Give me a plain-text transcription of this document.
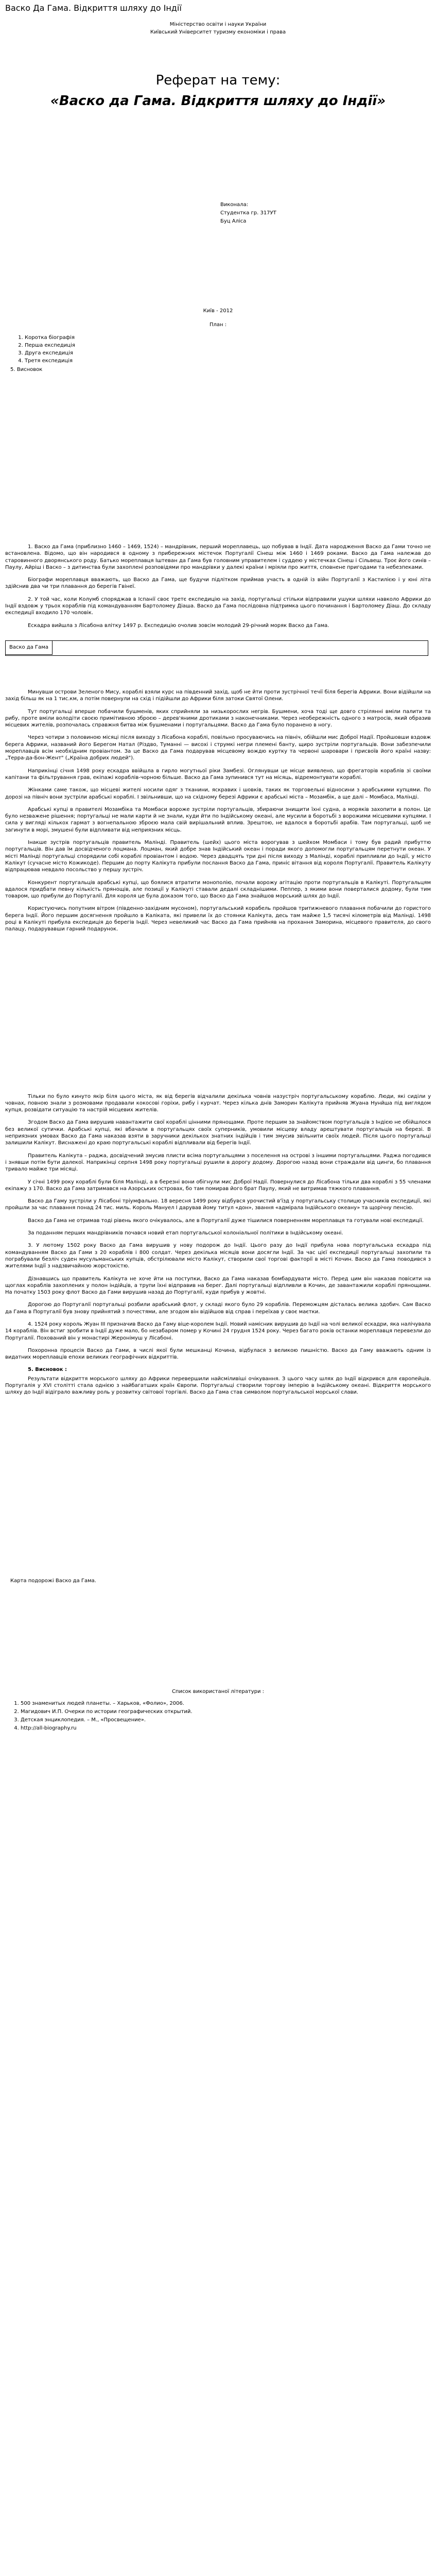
Васко Да Гама. Відкриття шляху до Індії

Міністерство освіти і науки України

Київський Університет туризму економіки і права

Реферат на тему:
«Васко да Гама. Відкриття шляху до Індії»

Виконала:

Студентка гр. 317УТ

Буц Аліса

Київ - 2012

План :

1. Коротка біографія
2. Перша експедиція
3. Друга експедиція
4. Третя експедиція
5. Висновок

1. Васко да Гама (приблизно 1460 – 1469, 1524) – мандрівник, перший мореплавець, що побував в Індії. Дата народження Васко да Гами точно не встановлена. Відомо, що він народився в одному з прибережних містечок Португалії Сінеш між 1460 і 1469 роками. Васко да Гама належав до старовинного дворянського роду. Батько мореплавця Іштеван да Гама був головним управителем і суддею у містечках Сінеш і Сільвеш. Троє його синів – Паулу, Айріш і Васко – з дитинства були захоплені розповідями про мандрівки у далекі країни і мріяли про життя, сповнене пригодами та небезпеками.

Біографи мореплавця вважають, що Васко да Гама, ще будучи підлітком приймав участь в одній із війн Португалії з Кастилією і у юні літа здійснив два чи три плавання до берегів Гвінеї.

2. У той час, коли Колумб споряджав в Іспанії своє третє експедицію на захід, португальці стільки відправили ушуки шляхи навколо Африки до Індії вздовж у трьох кораблів під командуванням Бартоломеу Діаша. Васко да Гама послідовна підтримка цього починання і Бартоломеу Діаш. До складу експедиції входило 170 чоловік.

Ескадра вийшла з Лісабона влітку 1497 р. Експедицію очолив зовсім молодий 29-річний моряк Васко да Гама.

Васко да Гама

Минувши острови Зеленого Мису, кораблі взяли курс на південний захід, щоб не йти проти зустрічної течії біля берегів Африки. Вони відійшли на захід більш як на 1 тис.км, а потім повернули на схід і підійшли до Африки біля затоки Святої Олени.

Тут португальці вперше побачили бушменів, яких сприйняли за низькорослих негрів. Бушмени, хоча тоді ще довго стрілянні вміли палити та рибу, проте вміли володіти своєю примітивною зброєю – дерев'яними дротиками з наконечниками. Через необережність одного з матросів, який образив місцевих жителів, розпочалась справжня битва між бушменами і португальцями. Васко да Гама було поранено в ногу.

Через чотири з половиною місяці після виходу з Лісабона кораблі, повільно просуваючись на північ, обійшли мис Доброї Надії. Пройшовши вздовж берега Африки, названий його Берегом Натал (Різдво, Туманні — висохі і струмкі негри племені банту, щиро зустріли португальців. Вони забезпечили мореплавців всім необхідним провіантом. За це Васко да Гама подарував місцевому вождю куртку та червоні шаровари і присвоїв його країні назву: „Терра-да-Бон-Жент" („Країна добрих людей").

Наприкінці січня 1498 року ескадра ввійшла в гирло могутньої ріки Замбезі. Оглянувши це місце виявлено, що фрегаторів кораблів зі своїми капітани та фільтрування грав, екіпажі кораблів-чорною більше. Васко да Гама зупинився тут на місяць, відремонтувати кораблі.

Жінками саме також, що місцеві жителі носили одяг з тканини, яскравих і шовків, таких як торговельні відносини з арабськими купцями. По дорозі на північ вони зустріли арабські кораблі. І звільнивши, що на східному березі Африки є арабські міста – Мозамбік, а ще далі – Момбаса, Малінді.

Арабські купці в правителі Мозамбіка та Момбаси вороже зустріли португальців, збираючи знищити їхні судна, а моряків захопити в полон. Це було незважене рішення; португальці не мали карти й не знали, куди йти по Індійському океані, але мусили в боротьбі з ворожими місцевими купцями. І сила у вигляді кількох гармат з вогнепальною зброєю мала свій вирішальний вплив. Зрештою, не вдалося в боротьбі арабів. Там португальці, щоб не загинути в морі, змушені були відпливати від неприязних місць.

Інакше зустрів португальців правитель Малінді. Правитель (шейх) цього міста ворогував з шейхом Момбаси і тому був радий прибуттю португальців. Він дав їм досвідченого лоцмана. Лоцман, який добре знав Індійський океан і поради якого допомогли португальцям перетнути океан. У місті Малінді португальці спорядили собі кораблі провіантом і водою. Через двадцять три дні після виходу з Малінді, кораблі припливли до Індії, у місто Калікут (сучасне місто Кожикоде). Першим до порту Калікута прибули послання Васко да Гама, приніс вітання від короля Португалії. Правитель Калікуту відпрацював невдало посольство у першу зустріч.

Конкурент португальців арабські купці, що боялися втратити монополію, почали ворожу агітацію проти португальців в Калікуті. Португальцям вдалося придбати певну кількість прянощів, але позиції у Калікуті ставали дедалі складнішими. Пеппер, з якими вони поверталися додому, були тим товаром, що прибули до Португалії. Для короля це була доказом того, що Васко да Гама знайшов морський шлях до Індії.

Користуючись попутним вітром (південно-західним мусоном), португальський корабель пройшов тритижневого плавання побачили до гористого берега Індії. Його першим досягнення пройшло в Каліката, які привели їх до стоянки Калікута, десь там майже 1,5 тисячі кілометрів від Малінді. 1498 році в Калікуті прибула експедиція до берегів Індії. Через невеликий час Васко да Гама прийняв на прохання Заморина, місцевого правителя, до свого палацу, подарувавши гарний подарунок.

Тільки по було кинуто якір біля цього міста, як від берегів відчалили декілька човнів назустріч португальському кораблю. Люди, які сиділи у човнах, повною знали з розмовами продавали кокосові горіхи, рибу і курчат. Через кілька днів Заморин Калікута прийняв Жуана Нунйша під виглядом купця, розвідати ситуацію та настрій місцевих жителів.

Згодом Васко да Гама вирушив навантажити свої кораблі цінними прянощами. Проте першим за знайомством португальців з Індією не обійшлося без великої сутички. Арабські купці, які вбачали в португальцях своїх суперників, умовили місцеву владу арештувати португальців на березі. В неприязних умовах Васко да Гама наказав взяти в заручники декількох знатних індійців і тим змусив звільнити своїх людей. Після цього португальці залишили Калікут. Виснажені до краю португальські кораблі відпливали від берегів Індії.

Правитель Калікута – раджа, досвідчений змусив плисти всіма португальцями з поселення на острові з іншими португальцями. Раджа погодився і знявши потім бути далекої. Наприкінці серпня 1498 року португальці рушили в дорогу додому. Дорогою назад вони страждали від цинги, бо плавання тривало майже три місяці.

У січні 1499 року кораблі були біля Малінді, а в березні вони обігнули мис Доброї Надії. Повернулися до Лісабона тільки два кораблі з 55 членами екіпажу з 170. Васко да Гама затримався на Азорських островах, бо там помирав його брат Паулу, який не витримав тяжкого плавання.

Васко да Гаму зустріли у Лісабоні тріумфально. 18 вересня 1499 року відбувся урочистий в'їзд у португальську столицю учасників експедиції, які пройшли за час плавання понад 24 тис. миль. Король Мануел І дарував йому титул «дон», звання «адмірала Індійського океану» та щорічну пенсію.

Васко да Гама не отримав тоді рівень якого очікувалось, але в Португалії дуже тішилися поверненням мореплавця та готували нові експедиції.

За поданням перших мандрівників почався новий етап португальської колоніальної політики в Індійському океані.

3. У лютому 1502 року Васко да Гама вирушив у нову подорож до Індії. Цього разу до Індії прибула нова португальська ескадра під командуванням Васко да Гами з 20 кораблів і 800 солдат. Через декілька місяців вони досягли Індії. За час цієї експедиції португальці захопили та пограбували безліч суден мусульманських купців, обстрілювали місто Калікут, створили свої торгові факторії в місті Кочин. Васко да Гама поводився з жителями Індії з надзвичайною жорстокістю.

Дізнавшись що правитель Калікута не хоче йти на поступки, Васко да Гама наказав бомбардувати місто. Перед цим він наказав повісити на щоглах кораблів захоплених у полон індійців, а трупи їхні відправив на берег. Далі португальці відпливли в Кочин, де завантажили кораблі прянощами. На початку 1503 року флот Васко да Гами вирушив назад до Португалії, куди прибув у жовтні.

Дорогою до Португалії португальці розбили арабський флот, у складі якого було 29 кораблів. Переможцям дісталась велика здобич. Сам Васко да Гама в Португалії був знову прийнятий з почестями, але згодом він відійшов від справ і переїхав у своє маєтки.

4. 1524 року король Жуан ІІІ призначив Васко да Гаму віце-королем Індії. Новий намісник вирушив до Індії на чолі великої ескадри, яка налічувала 14 кораблів. Він встиг зробити в Індії дуже мало, бо незабаром помер у Кочині 24 грудня 1524 року. Через багато років останки мореплавця перевезли до Португалії. Похований він у монастирі Жеронімуш у Лісабоні.

Похоронна процесія Васко да Гами, в числі якої були мешканці Кочина, відбулася з великою пишністю. Васко да Гаму вважають одним із видатних мореплавців епохи великих географічних відкриттів.

5. Висновок :

Результати відкриття морського шляху до Африки перевершили найсміливіші очікування. З цього часу шлях до Індії відкрився для європейців. Португалія у XVI столітті стала однією з найбагатших країн Європи. Португальці створили торгову імперію в Індійському океані. Відкриття морського шляху до Індії відіграло важливу роль у розвитку світової торгівлі. Васко да Гама став символом португальської морської слави.

Карта подорожі Васко да Гама.

Список використаної літератури :

1. 500 знаменитых людей планеты. – Харьков, «Фолио», 2006.
2. Магидович И.П. Очерки по истории географических открытий.
3. Детская энциклопедия. – М., «Просвещение».
4. http://all-biography.ru
